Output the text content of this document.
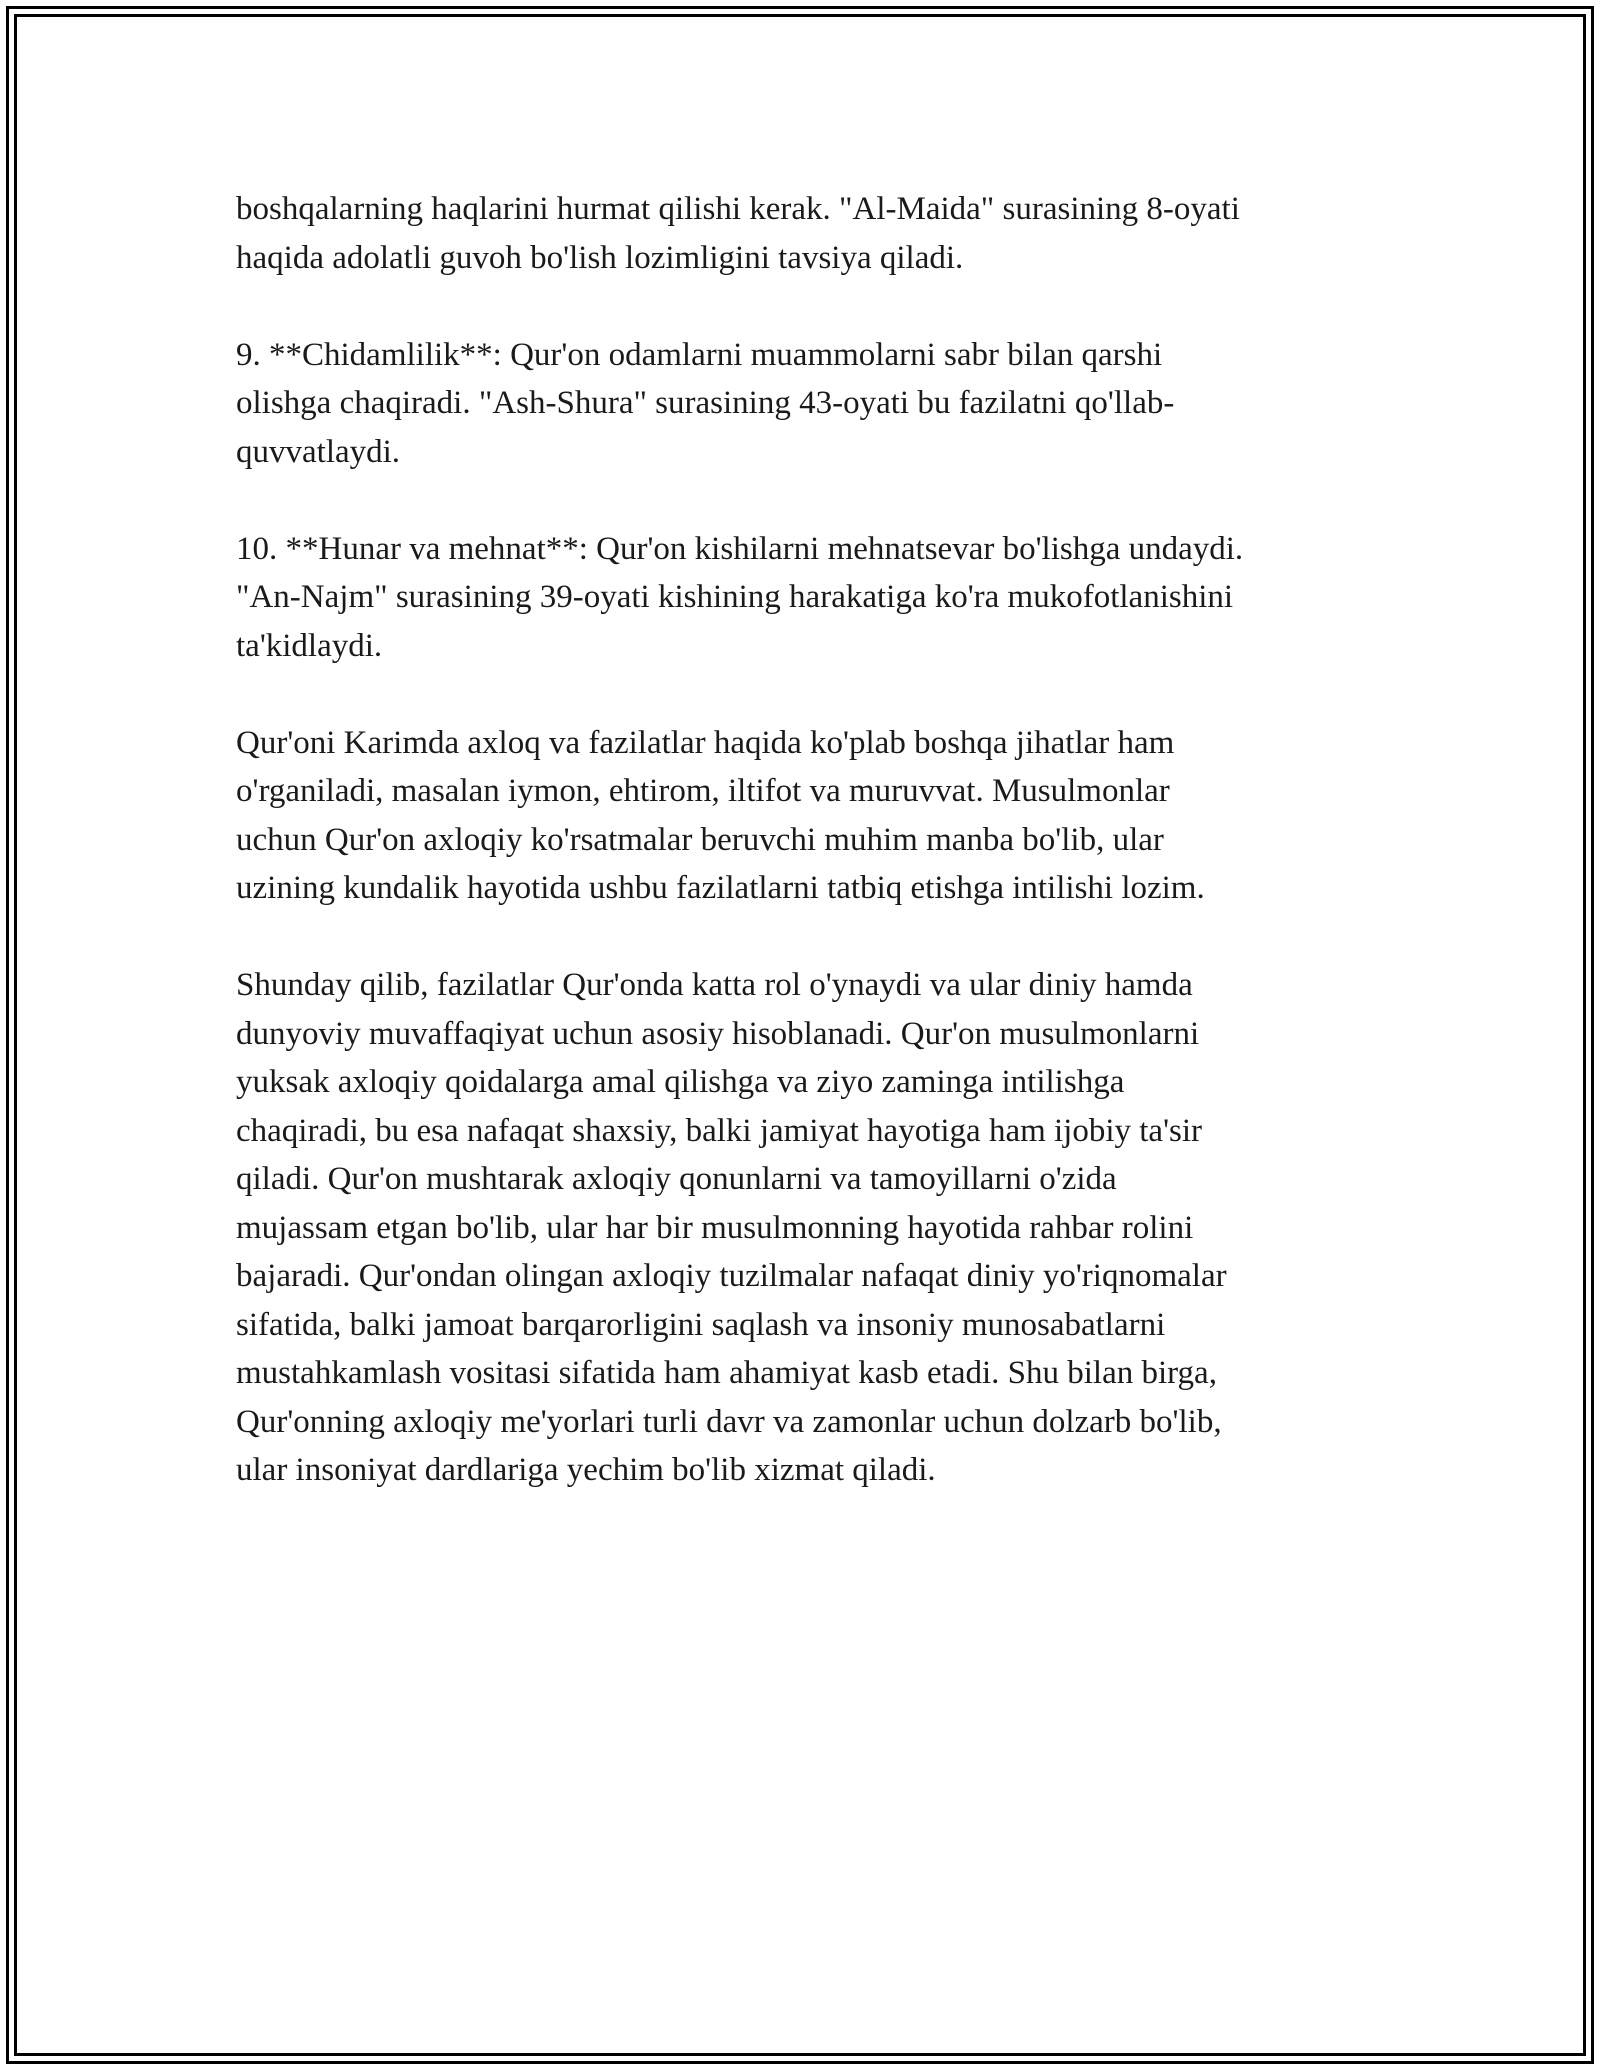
boshqalarning haqlarini hurmat qilishi kerak. "Al-Maida" surasining 8-oyati
haqida adolatli guvoh bo'lish lozimligini tavsiya qiladi.

9. **Chidamlilik**: Qur'on odamlarni muammolarni sabr bilan qarshi
olishga chaqiradi. "Ash-Shura" surasining 43-oyati bu fazilatni qo'llab-
quvvatlaydi.

10. **Hunar va mehnat**: Qur'on kishilarni mehnatsevar bo'lishga undaydi.
"An-Najm" surasining 39-oyati kishining harakatiga ko'ra mukofotlanishini
ta'kidlaydi.

Qur'oni Karimda axloq va fazilatlar haqida ko'plab boshqa jihatlar ham
o'rganiladi, masalan iymon, ehtirom, iltifot va muruvvat. Musulmonlar
uchun Qur'on axloqiy ko'rsatmalar beruvchi muhim manba bo'lib, ular
uzining kundalik hayotida ushbu fazilatlarni tatbiq etishga intilishi lozim.

Shunday qilib, fazilatlar Qur'onda katta rol o'ynaydi va ular diniy hamda
dunyoviy muvaffaqiyat uchun asosiy hisoblanadi. Qur'on musulmonlarni
yuksak axloqiy qoidalarga amal qilishga va ziyo zaminga intilishga
chaqiradi, bu esa nafaqat shaxsiy, balki jamiyat hayotiga ham ijobiy ta'sir
qiladi. Qur'on mushtarak axloqiy qonunlarni va tamoyillarni o'zida
mujassam etgan bo'lib, ular har bir musulmonning hayotida rahbar rolini
bajaradi. Qur'ondan olingan axloqiy tuzilmalar nafaqat diniy yo'riqnomalar
sifatida, balki jamoat barqarorligini saqlash va insoniy munosabatlarni
mustahkamlash vositasi sifatida ham ahamiyat kasb etadi. Shu bilan birga,
Qur'onning axloqiy me'yorlari turli davr va zamonlar uchun dolzarb bo'lib,
ular insoniyat dardlariga yechim bo'lib xizmat qiladi.
